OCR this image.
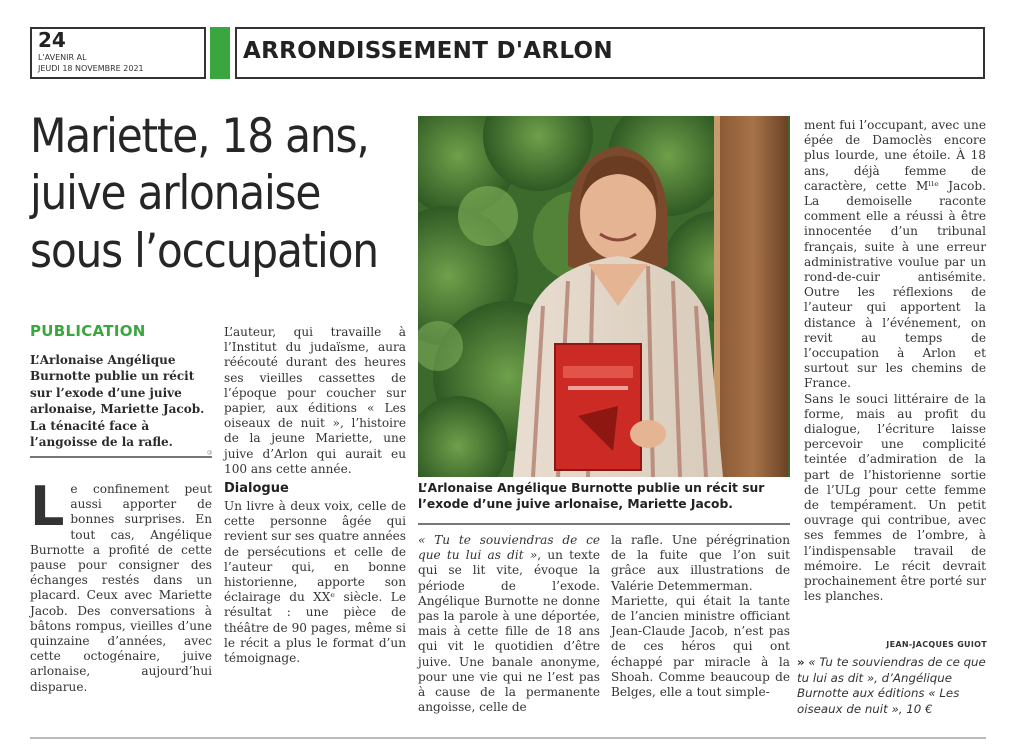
24
L'AVENIR AL
JEUDI 18 NOVEMBRE 2021
ARRONDISSEMENT D'ARLON
Mariette, 18 ans, juive arlonaise sous l’occupation
PUBLICATION
L’Arlonaise Angélique Burnotte publie un récit sur l’exode d’une juive arlonaise, Mariette Jacob. La ténacité face à l’angoisse de la rafle.
L e confinement peut aussi apporter de bonnes surprises. En tout cas, Angélique Burnotte a profité de cette pause pour consigner des échanges restés dans un placard. Ceux avec Mariette Jacob. Des conversations à bâtons rompus, vieilles d’une quinzaine d’années, avec cette octogénaire, juive arlonaise, aujourd’hui disparue.

L’auteur, qui travaille à l’Institut du judaïsme, aura réécouté durant des heures ses vieilles cassettes de l’époque pour coucher sur papier, aux éditions « Les oiseaux de nuit », l’histoire de la jeune Mariette, une juive d’Arlon qui aurait eu 100 ans cette année.

Dialogue

Un livre à deux voix, celle de cette personne âgée qui revient sur ses quatre années de persécutions et celle de l’auteur qui, en bonne historienne, apporte son éclairage du XXᵉ siècle. Le résultat : une pièce de théâtre de 90 pages, même si le récit a plus le format d’un témoignage.

©
L’Arlonaise Angélique Burnotte publie un récit sur l’exode d’une juive arlonaise, Mariette Jacob.

« Tu te souviendras de ce que tu lui as dit », un texte qui se lit vite, évoque la période de l’exode. Angélique Burnotte ne donne pas la parole à une déportée, mais à cette fille de 18 ans qui vit le quotidien d’être juive. Une banale anonyme, pour une vie qui ne l’est pas à cause de la permanente angoisse, celle de

la rafle. Une pérégrination de la fuite que l’on suit grâce aux illustrations de Valérie Detemmerman.

Mariette, qui était la tante de l’ancien ministre officiant Jean-Claude Jacob, n’est pas de ces héros qui ont échappé par miracle à la Shoah. Comme beaucoup de Belges, elle a tout simple-

ment fui l’occupant, avec une épée de Damoclès encore plus lourde, une étoile. À 18 ans, déjà femme de caractère, cette Mˡˡᵉ Jacob. La demoiselle raconte comment elle a réussi à être innocentée d’un tribunal français, suite à une erreur administrative voulue par un rond-de-cuir antisémite. Outre les réflexions de l’auteur qui apportent la distance à l’événement, on revit au temps de l’occupation à Arlon et surtout sur les chemins de France.

Sans le souci littéraire de la forme, mais au profit du dialogue, l’écriture laisse percevoir une complicité teintée d’admiration de la part de l’historienne sortie de l’ULg pour cette femme de tempérament. Un petit ouvrage qui contribue, avec ses femmes de l’ombre, à l’indispensable travail de mémoire. Le récit devrait prochainement être porté sur les planches.

JEAN-JACQUES GUIOT
» « Tu te souviendras de ce que tu lui as dit », d’Angélique Burnotte aux éditions « Les oiseaux de nuit », 10 €
